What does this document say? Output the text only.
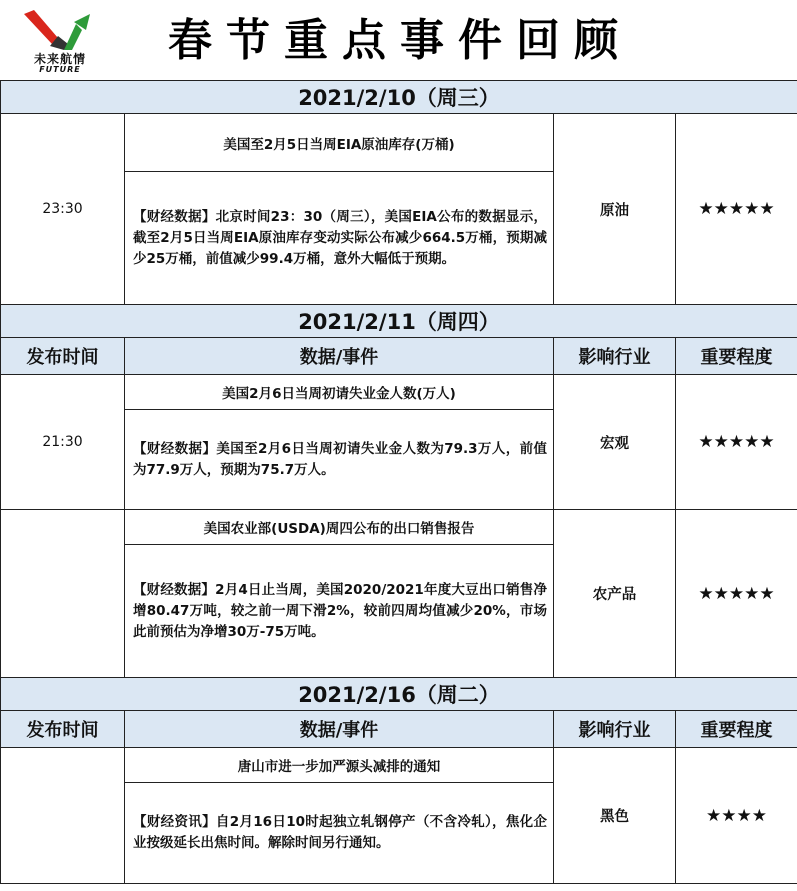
未来航情
FUTURE
春节重点事件回顾
2021/2/10（周三）			
23:30	美国至2月5日当周EIA原油库存(万桶)	原油	★★★★★
	【财经数据】北京时间23：30（周三），美国EIA公布的数据显示，截至2月5日当周EIA原油库存变动实际公布减少664.5万桶，预期减少25万桶，前值减少99.4万桶，意外大幅低于预期。		
2021/2/11（周四）			
发布时间	数据/事件	影响行业	重要程度
21:30	美国2月6日当周初请失业金人数(万人)	宏观	★★★★★
	【财经数据】美国至2月6日当周初请失业金人数为79.3万人，前值为77.9万人，预期为75.7万人。		
	美国农业部(USDA)周四公布的出口销售报告	农产品	★★★★★
	【财经数据】2月4日止当周，美国2020/2021年度大豆出口销售净增80.47万吨，较之前一周下滑2%，较前四周均值减少20%，市场此前预估为净增30万-75万吨。		
2021/2/16（周二）			
发布时间	数据/事件	影响行业	重要程度
	唐山市进一步加严源头减排的通知	黑色	★★★★
	【财经资讯】自2月16日10时起独立轧钢停产（不含冷轧），焦化企业按级延长出焦时间。解除时间另行通知。		
